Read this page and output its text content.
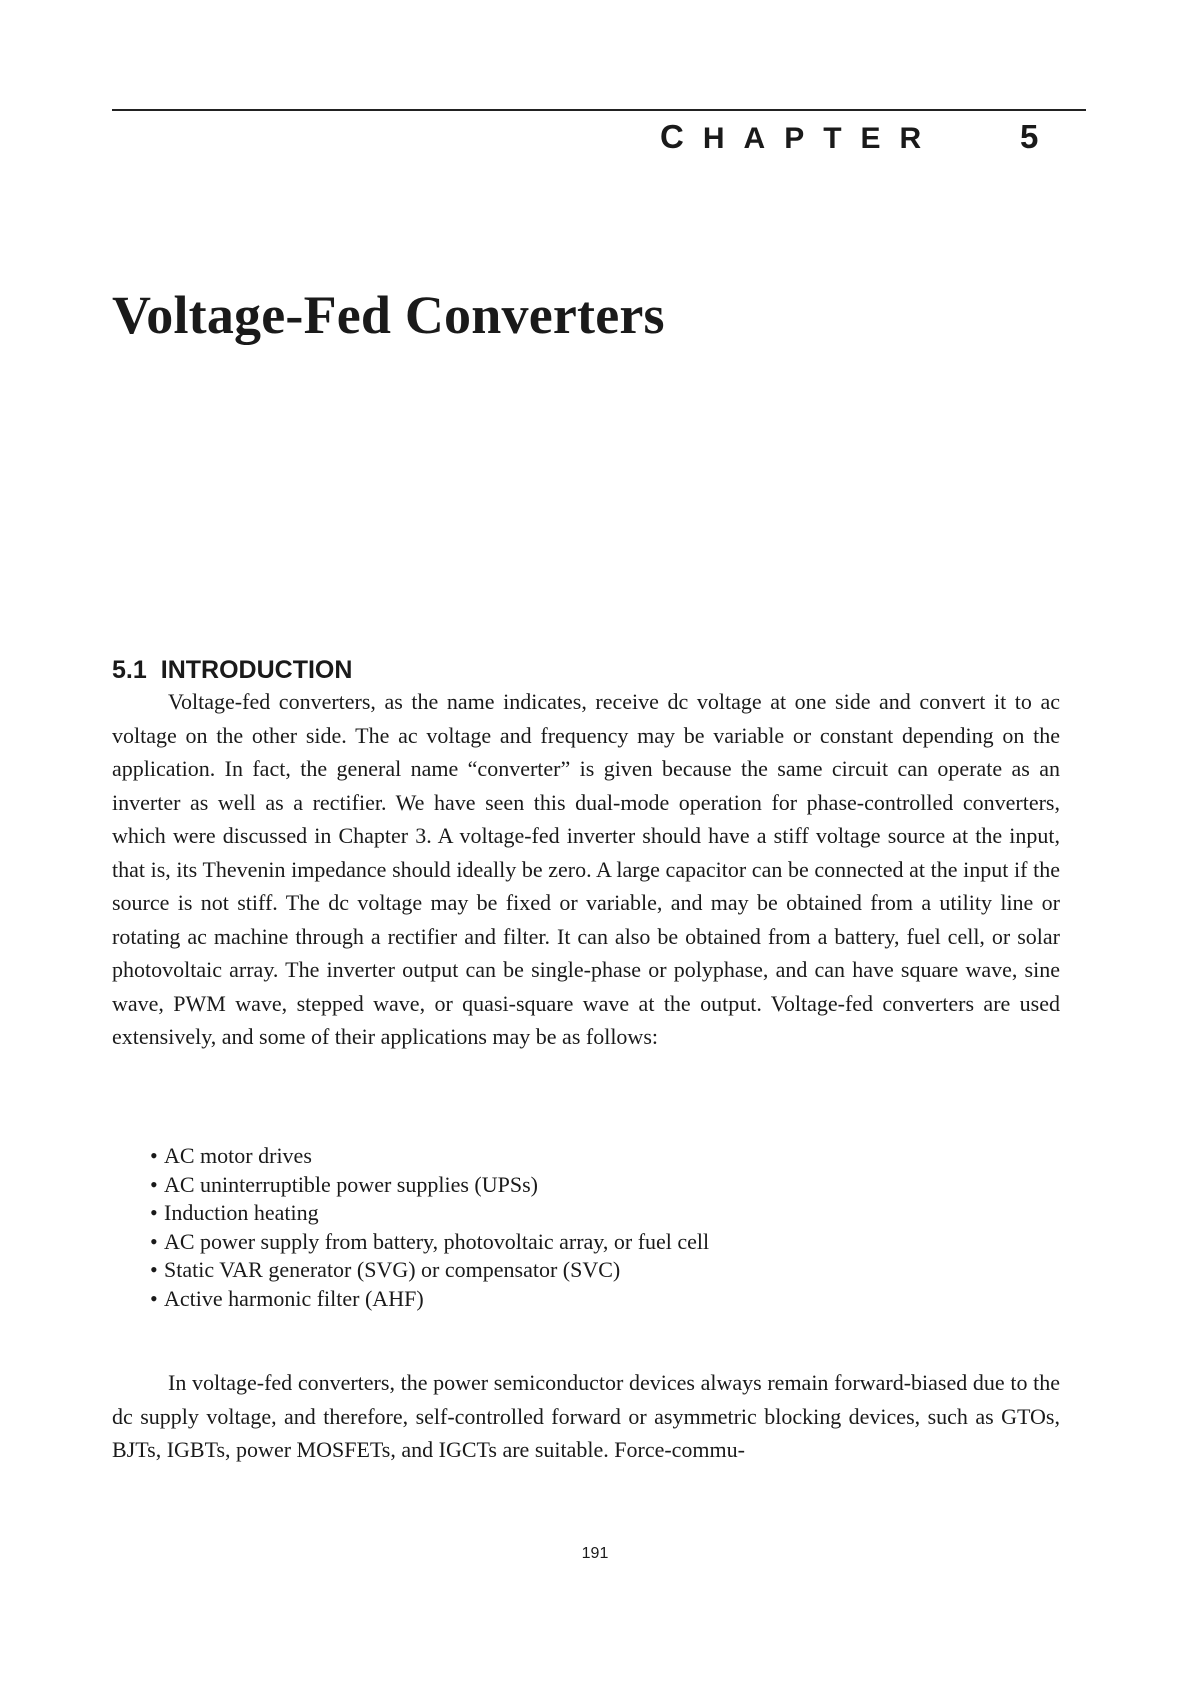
CHAPTER 5
Voltage-Fed Converters
5.1 INTRODUCTION

Voltage-fed converters, as the name indicates, receive dc voltage at one side and convert it to ac voltage on the other side. The ac voltage and frequency may be variable or constant depending on the application. In fact, the general name “converter” is given because the same circuit can operate as an inverter as well as a rectifier. We have seen this dual-mode operation for phase-controlled converters, which were discussed in Chapter 3. A voltage-fed inverter should have a stiff voltage source at the input, that is, its Thevenin impedance should ideally be zero. A large capacitor can be connected at the input if the source is not stiff. The dc voltage may be fixed or variable, and may be obtained from a utility line or rotating ac machine through a rectifier and filter. It can also be obtained from a battery, fuel cell, or solar photovoltaic array. The inverter output can be single-phase or polyphase, and can have square wave, sine wave, PWM wave, stepped wave, or quasi-square wave at the output. Voltage-fed converters are used extensively, and some of their applications may be as follows:

• AC motor drives
• AC uninterruptible power supplies (UPSs)
• Induction heating
• AC power supply from battery, photovoltaic array, or fuel cell
• Static VAR generator (SVG) or compensator (SVC)
• Active harmonic filter (AHF)

In voltage-fed converters, the power semiconductor devices always remain forward-biased due to the dc supply voltage, and therefore, self-controlled forward or asymmetric blocking devices, such as GTOs, BJTs, IGBTs, power MOSFETs, and IGCTs are suitable. Force-commu-

191
